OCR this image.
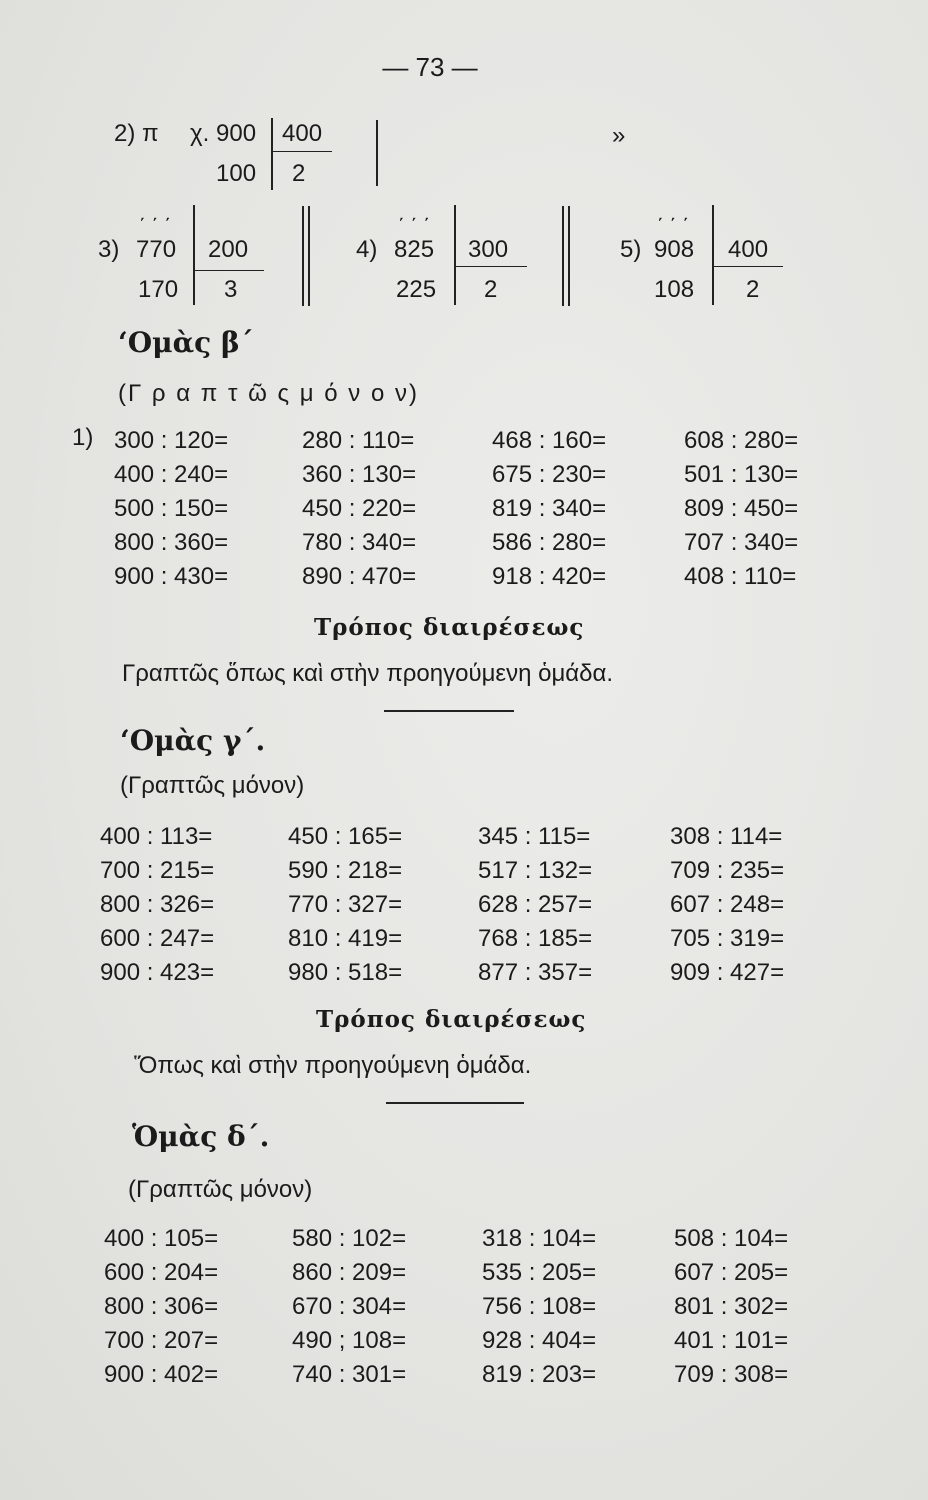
— 73 —
2) π χ. 900 400
100 2
»
3)
΄΄΄
770 200
170 3
4)
΄΄΄
825 300
225 2
5)
΄΄΄
908 400
108 2
‘Ομὰς β΄
(Γ ρ α π τ ῶ ς μ ό ν ο ν)
1) 300 : 120=	280 : 110=	468 : 160=	608 : 280=
400 : 240=	360 : 130=	675 : 230=	501 : 130=
500 : 150=	450 : 220=	819 : 340=	809 : 450=
800 : 360=	780 : 340=	586 : 280=	707 : 340=
900 : 430=	890 : 470=	918 : 420=	408 : 110=
Τρόπος διαιρέσεως
Γραπτῶς ὅπως καὶ στὴν προηγούμενη ὁμάδα.
‘Ομὰς γ΄.
(Γραπτῶς μόνον)
400 : 113=	450 : 165=	345 : 115=	308 : 114=
700 : 215=	590 : 218=	517 : 132=	709 : 235=
800 : 326=	770 : 327=	628 : 257=	607 : 248=
600 : 247=	810 : 419=	768 : 185=	705 : 319=
900 : 423=	980 : 518=	877 : 357=	909 : 427=
Τρόπος διαιρέσεως
Ὅπως καὶ στὴν προηγούμενη ὁμάδα.
Ὁμὰς δ΄.
(Γραπτῶς μόνον)
400 : 105=	580 : 102=	318 : 104=	508 : 104=
600 : 204=	860 : 209=	535 : 205=	607 : 205=
800 : 306=	670 : 304=	756 : 108=	801 : 302=
700 : 207=	490 ; 108=	928 : 404=	401 : 101=
900 : 402=	740 : 301=	819 : 203=	709 : 308=
